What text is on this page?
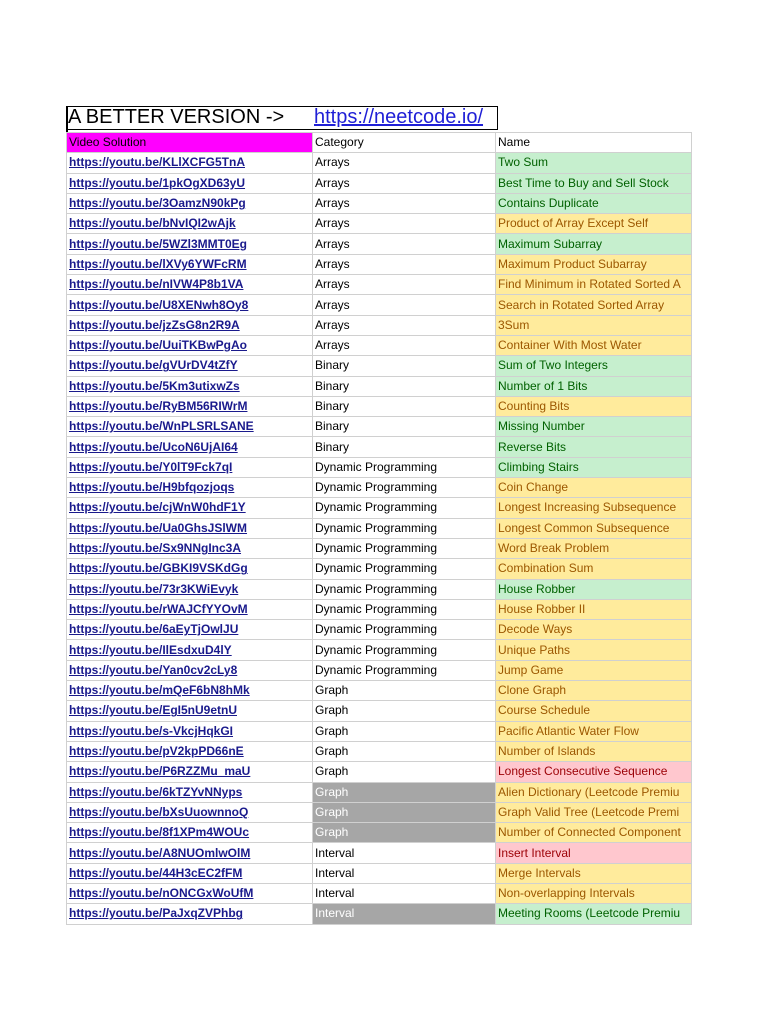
A BETTER VERSION -> https://neetcode.io/
Video Solution	Category	Name
https://youtu.be/KLlXCFG5TnA	Arrays	Two Sum
https://youtu.be/1pkOgXD63yU	Arrays	Best Time to Buy and Sell Stock
https://youtu.be/3OamzN90kPg	Arrays	Contains Duplicate
https://youtu.be/bNvIQI2wAjk	Arrays	Product of Array Except Self
https://youtu.be/5WZl3MMT0Eg	Arrays	Maximum Subarray
https://youtu.be/lXVy6YWFcRM	Arrays	Maximum Product Subarray
https://youtu.be/nIVW4P8b1VA	Arrays	Find Minimum in Rotated Sorted A
https://youtu.be/U8XENwh8Oy8	Arrays	Search in Rotated Sorted Array
https://youtu.be/jzZsG8n2R9A	Arrays	3Sum
https://youtu.be/UuiTKBwPgAo	Arrays	Container With Most Water
https://youtu.be/gVUrDV4tZfY	Binary	Sum of Two Integers
https://youtu.be/5Km3utixwZs	Binary	Number of 1 Bits
https://youtu.be/RyBM56RIWrM	Binary	Counting Bits
https://youtu.be/WnPLSRLSANE	Binary	Missing Number
https://youtu.be/UcoN6UjAI64	Binary	Reverse Bits
https://youtu.be/Y0lT9Fck7qI	Dynamic Programming	Climbing Stairs
https://youtu.be/H9bfqozjoqs	Dynamic Programming	Coin Change
https://youtu.be/cjWnW0hdF1Y	Dynamic Programming	Longest Increasing Subsequence
https://youtu.be/Ua0GhsJSlWM	Dynamic Programming	Longest Common Subsequence
https://youtu.be/Sx9NNgInc3A	Dynamic Programming	Word Break Problem
https://youtu.be/GBKI9VSKdGg	Dynamic Programming	Combination Sum
https://youtu.be/73r3KWiEvyk	Dynamic Programming	House Robber
https://youtu.be/rWAJCfYYOvM	Dynamic Programming	House Robber II
https://youtu.be/6aEyTjOwlJU	Dynamic Programming	Decode Ways
https://youtu.be/IlEsdxuD4lY	Dynamic Programming	Unique Paths
https://youtu.be/Yan0cv2cLy8	Dynamic Programming	Jump Game
https://youtu.be/mQeF6bN8hMk	Graph	Clone Graph
https://youtu.be/EgI5nU9etnU	Graph	Course Schedule
https://youtu.be/s-VkcjHqkGI	Graph	Pacific Atlantic Water Flow
https://youtu.be/pV2kpPD66nE	Graph	Number of Islands
https://youtu.be/P6RZZMu_maU	Graph	Longest Consecutive Sequence
https://youtu.be/6kTZYvNNyps	Graph	Alien Dictionary (Leetcode Premiu
https://youtu.be/bXsUuownnoQ	Graph	Graph Valid Tree (Leetcode Premi
https://youtu.be/8f1XPm4WOUc	Graph	Number of Connected Component
https://youtu.be/A8NUOmlwOlM	Interval	Insert Interval
https://youtu.be/44H3cEC2fFM	Interval	Merge Intervals
https://youtu.be/nONCGxWoUfM	Interval	Non-overlapping Intervals
https://youtu.be/PaJxqZVPhbg	Interval	Meeting Rooms (Leetcode Premiu
